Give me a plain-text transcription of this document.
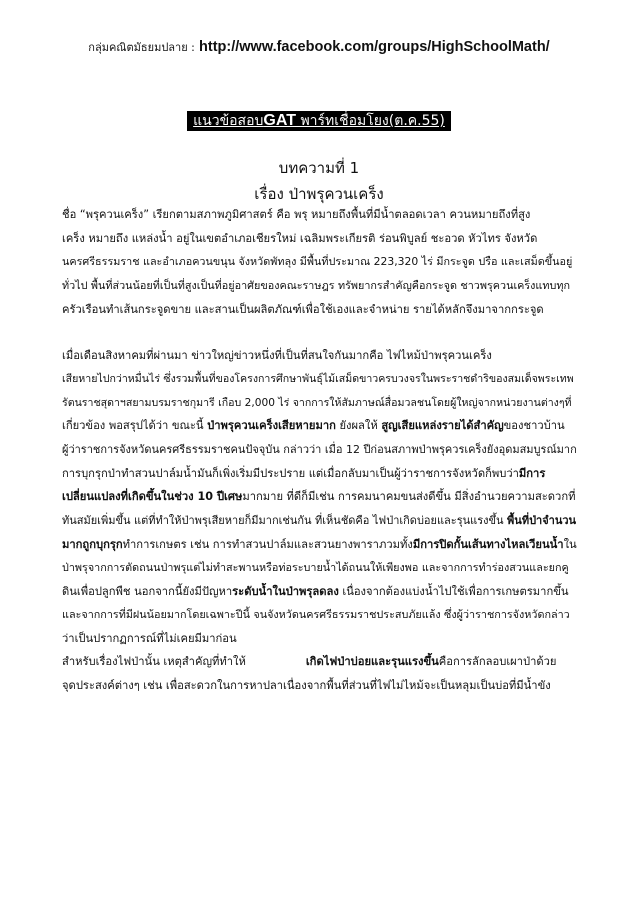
กลุ่มคณิตมัธยมปลาย : http://www.facebook.com/groups/HighSchoolMath/
แนวข้อสอบGAT พาร์ทเชื่อมโยง(ต.ค.55)
บทความที่ 1
เรื่อง ป่าพรุควนเคร็ง
ชื่อ “พรุควนเคร็ง” เรียกตามสภาพภูมิศาสตร์ คือ พรุ หมายถึงพื้นที่มีน้ำตลอดเวลา ควนหมายถึงที่สูง
เคร็ง หมายถึง แหล่งน้ำ อยู่ในเขตอำเภอเชียรใหม่ เฉลิมพระเกียรติ ร่อนพิบูลย์ ชะอวด หัวไทร จังหวัด
นครศรีธรรมราช และอำเภอควนขนุน จังหวัดพัทลุง มีพื้นที่ประมาณ 223,320 ไร่ มีกระจูด ปรือ และเสม็ดขึ้นอยู่
ทั่วไป พื้นที่ส่วนน้อยที่เป็นที่สูงเป็นที่อยู่อาศัยของคณะราษฎร ทรัพยากรสำคัญคือกระจูด ชาวพรุควนเคร็งแทบทุก
ครัวเรือนทำเส้นกระจูดขาย และสานเป็นผลิตภัณฑ์เพื่อใช้เองและจำหน่าย รายได้หลักจึงมาจากกระจูด
เมื่อเดือนสิงหาคมที่ผ่านมา ข่าวใหญ่ข่าวหนึ่งที่เป็นที่สนใจกันมากคือ ไฟไหม้ป่าพรุควนเคร็ง
เสียหายไปกว่าหมื่นไร่ ซึ่งรวมพื้นที่ของโครงการศึกษาพันธุ์ไม้เสม็ดขาวครบวงจรในพระราชดำริของสมเด็จพระเทพ
รัตนราชสุดาฯสยามบรมราชกุมารี เกือบ 2,000 ไร่ จากการให้สัมภาษณ์สื่อมวลชนโดยผู้ใหญ่จากหน่วยงานต่างๆที่
เกี่ยวข้อง พอสรุปได้ว่า ขณะนี้ ป่าพรุควนเคร็งเสียหายมาก ยังผลให้ สูญเสียแหล่งรายได้สำคัญของชาวบ้าน
ผู้ว่าราชการจังหวัดนครศรีธรรมราชคนปัจจุบัน กล่าวว่า เมื่อ 12 ปีก่อนสภาพป่าพรุควรเคร็งยังอุดมสมบูรณ์มาก
การบุกรุกป่าทำสวนปาล์มน้ำมันก็เพิ่งเริ่มมีประปราย แต่เมื่อกลับมาเป็นผู้ว่าราชการจังหวัดก็พบว่ามีการ
เปลี่ยนแปลงที่เกิดขึ้นในช่วง 10 ปีเศษมากมาย ที่ดีก็มีเช่น การคมนาคมขนส่งดีขึ้น มีสิ่งอำนวยความสะดวกที่
ทันสมัยเพิ่มขึ้น แต่ที่ทำให้ป่าพรุเสียหายก็มีมากเช่นกัน ที่เห็นชัดคือ ไฟป่าเกิดบ่อยและรุนแรงขึ้น พื้นที่ป่าจำนวน
มากถูกบุกรุกทำการเกษตร เช่น การทำสวนปาล์มและสวนยางพาราภวมทั้งมีการปิดกั้นเส้นทางไหลเวียนน้ำใน
ป่าพรุจากการตัดถนนป่าพรุแต่ไม่ทำสะพานหรือท่อระบายน้ำได้ถนนให้เพียงพอ และจากการทำร่องสวนและยกคู
ดินเพื่อปลูกพืช นอกจากนี้ยังมีปัญหาระดับน้ำในป่าพรุลดลง เนื่องจากต้องแบ่งน้ำไปใช้เพื่อการเกษตรมากขึ้น
และจากการที่มีฝนน้อยมากโดยเฉพาะปีนี้ จนจังหวัดนครศรีธรรมราชประสบภัยแล้ง ซึ่งผู้ว่าราชการจังหวัดกล่าว
ว่าเป็นปรากฏการณ์ที่ไม่เคยมีมาก่อน
สำหรับเรื่องไฟป่านั้น เหตุสำคัญที่ทำให้	เกิดไฟป่าบ่อยและรุนแรงขึ้นคือการลักลอบเผาป่าด้วย
จุดประสงค์ต่างๆ เช่น เพื่อสะดวกในการหาปลาเนื่องจากพื้นที่ส่วนที่ไฟไม่ไหม้จะเป็นหลุมเป็นบ่อที่มีน้ำขัง
